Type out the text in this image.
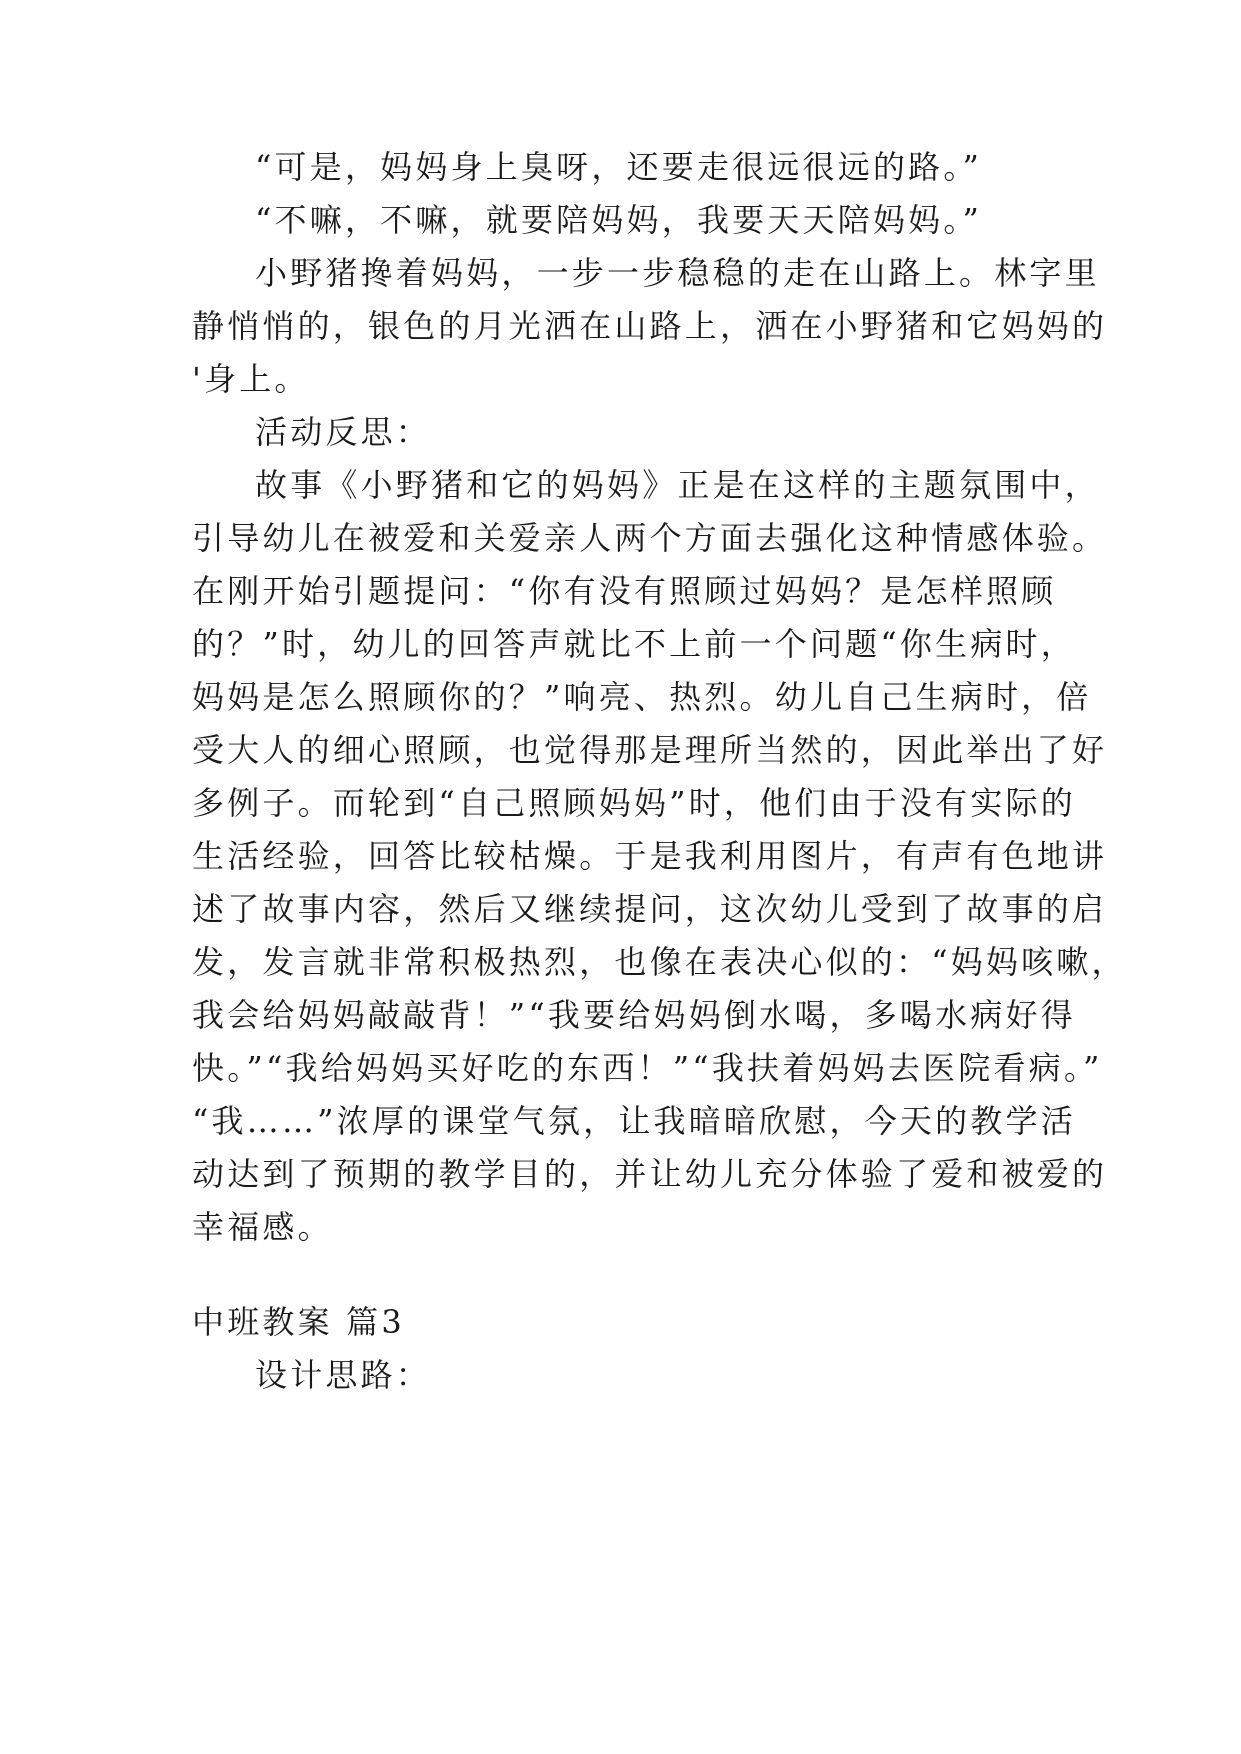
“可是，妈妈身上臭呀，还要走很远很远的路。”
“不嘛，不嘛，就要陪妈妈，我要天天陪妈妈。”
小野猪搀着妈妈，一步一步稳稳的走在山路上。林字里
静悄悄的，银色的月光洒在山路上，洒在小野猪和它妈妈的
'身上。
活动反思：
故事《小野猪和它的妈妈》正是在这样的主题氛围中，
引导幼儿在被爱和关爱亲人两个方面去强化这种情感体验。
在刚开始引题提问：“你有没有照顾过妈妈？是怎样照顾
的？”时，幼儿的回答声就比不上前一个问题“你生病时，
妈妈是怎么照顾你的？”响亮、热烈。幼儿自己生病时，倍
受大人的细心照顾，也觉得那是理所当然的，因此举出了好
多例子。而轮到“自己照顾妈妈”时，他们由于没有实际的
生活经验，回答比较枯燥。于是我利用图片，有声有色地讲
述了故事内容，然后又继续提问，这次幼儿受到了故事的启
发，发言就非常积极热烈，也像在表决心似的：“妈妈咳嗽，
我会给妈妈敲敲背！”“我要给妈妈倒水喝，多喝水病好得
快。”“我给妈妈买好吃的东西！”“我扶着妈妈去医院看病。”
“我……”浓厚的课堂气氛，让我暗暗欣慰，今天的教学活
动达到了预期的教学目的，并让幼儿充分体验了爱和被爱的
幸福感。
中班教案 篇3
设计思路：
